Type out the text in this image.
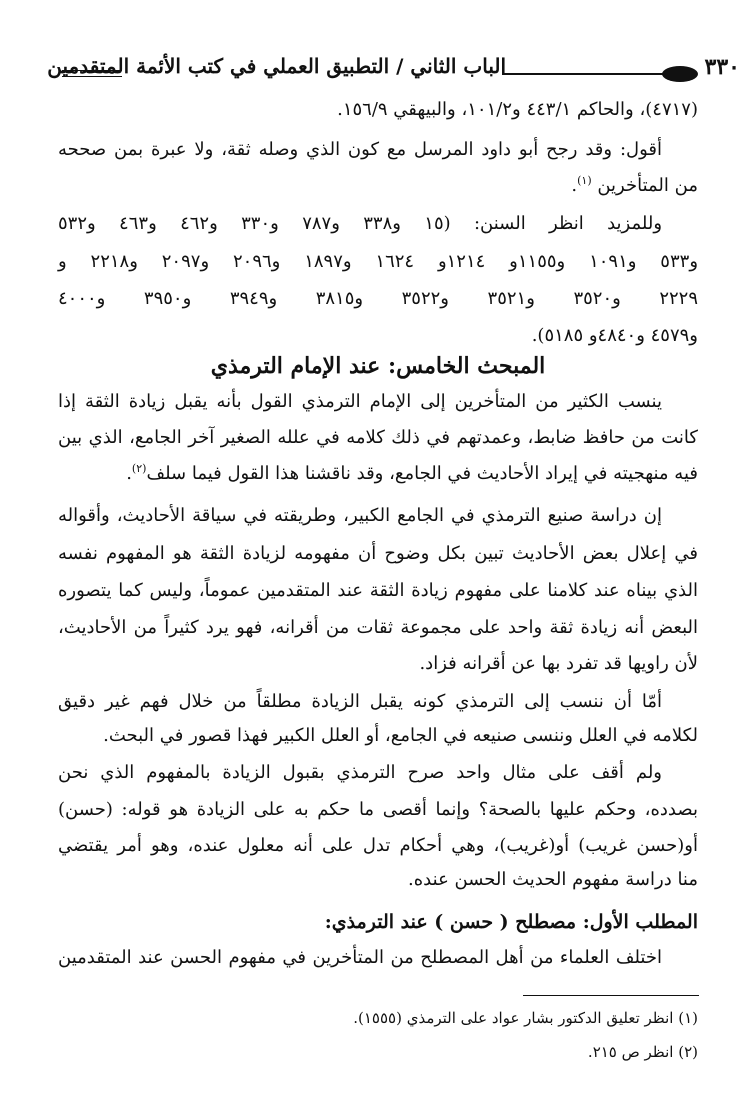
الباب الثاني / التطبيق العملي في كتب الأئمة المتقدمين	٣٣٠
(٤٧١٧)، والحاكم ٤٤٣/١ و١٠١/٢، والبيهقي ١٥٦/٩.
أقول: وقد رجح أبو داود المرسل مع كون الذي وصله ثقة، ولا عبرة بمن صححه
من المتأخرين $^{(١)}$.
وللمزيد انظر السنن: (١٥ و٣٣٨ و٧٨٧ و٣٣٠ و٤٦٢ و٤٦٣ و٥٣٢
و٥٣٣ و١٠٩١ و١١٥٥و ١٢١٤و ١٦٢٤ و١٨٩٧ و٢٠٩٦ و٢٠٩٧ و٢٢١٨ و
٢٢٢٩ و٣٥٢٠ و٣٥٢١ و٣٥٢٢ و٣٨١٥ و٣٩٤٩ و٣٩٥٠ و٤٠٠٠
و٤٥٧٩ و٤٨٤٠و ٥١٨٥).
المبحث الخامس: عند الإمام الترمذي
ينسب الكثير من المتأخرين إلى الإمام الترمذي القول بأنه يقبل زيادة الثقة إذا
كانت من حافظ ضابط، وعمدتهم في ذلك كلامه في علله الصغير آخر الجامع، الذي بين
فيه منهجيته في إيراد الأحاديث في الجامع، وقد ناقشنا هذا القول فيما سلف$^{(٢)}$.
إن دراسة صنيع الترمذي في الجامع الكبير، وطريقته في سياقة الأحاديث، وأقواله
في إعلال بعض الأحاديث تبين بكل وضوح أن مفهومه لزيادة الثقة هو المفهوم نفسه
الذي بيناه عند كلامنا على مفهوم زيادة الثقة عند المتقدمين عموماً، وليس كما يتصوره
البعض أنه زيادة ثقة واحد على مجموعة ثقات من أقرانه، فهو يرد كثيراً من الأحاديث،
لأن راويها قد تفرد بها عن أقرانه فزاد.
أمّا أن ننسب إلى الترمذي كونه يقبل الزيادة مطلقاً من خلال فهم غير دقيق
لكلامه في العلل وننسى صنيعه في الجامع، أو العلل الكبير فهذا قصور في البحث.
ولم أقف على مثال واحد صرح الترمذي بقبول الزيادة بالمفهوم الذي نحن
بصدده، وحكم عليها بالصحة؟ وإنما أقصى ما حكم به على الزيادة هو قوله: (حسن)
أو(حسن غريب) أو(غريب)، وهي أحكام تدل على أنه معلول عنده، وهو أمر يقتضي
منا دراسة مفهوم الحديث الحسن عنده.
المطلب الأول: مصطلح ( حسن ) عند الترمذي:
اختلف العلماء من أهل المصطلح من المتأخرين في مفهوم الحسن عند المتقدمين
(١) انظر تعليق الدكتور بشار عواد على الترمذي (١٥٥٥).
(٢) انظر ص ٢١٥.
